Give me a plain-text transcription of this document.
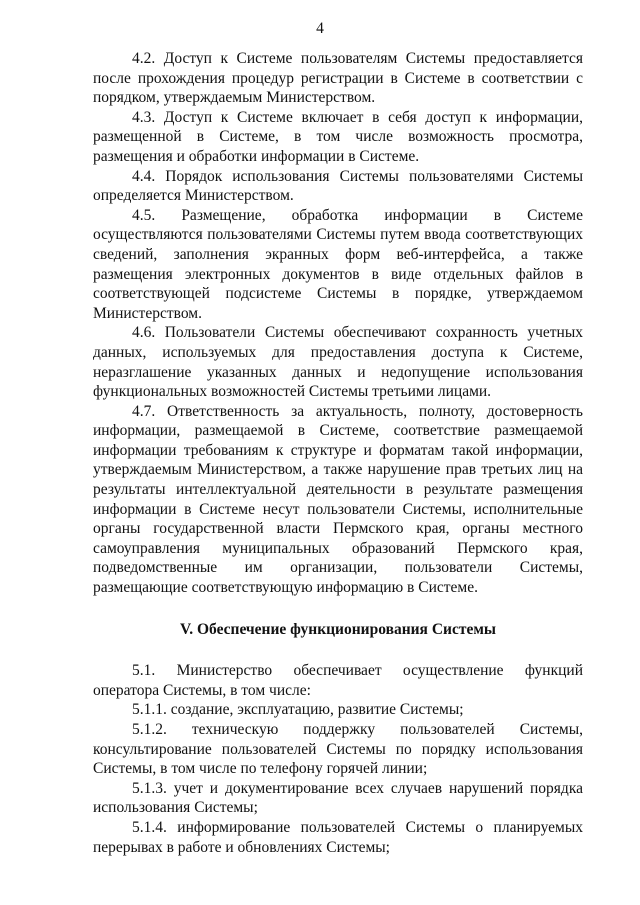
4

4.2. Доступ к Системе пользователям Системы предоставляется после прохождения процедур регистрации в Системе в соответствии с порядком, утверждаемым Министерством.

4.3. Доступ к Системе включает в себя доступ к информации, размещенной в Системе, в том числе возможность просмотра, размещения и обработки информации в Системе.

4.4. Порядок использования Системы пользователями Системы определяется Министерством.

4.5. Размещение, обработка информации в Системе осуществляются пользователями Системы путем ввода соответствующих сведений, заполнения экранных форм веб-интерфейса, а также размещения электронных документов в виде отдельных файлов в соответствующей подсистеме Системы в порядке, утверждаемом Министерством.

4.6. Пользователи Системы обеспечивают сохранность учетных данных, используемых для предоставления доступа к Системе, неразглашение указанных данных и недопущение использования функциональных возможностей Системы третьими лицами.

4.7. Ответственность за актуальность, полноту, достоверность информации, размещаемой в Системе, соответствие размещаемой информации требованиям к структуре и форматам такой информации, утверждаемым Министерством, а также нарушение прав третьих лиц на результаты интеллектуальной деятельности в результате размещения информации в Системе несут пользователи Системы, исполнительные органы государственной власти Пермского края, органы местного самоуправления муниципальных образований Пермского края, подведомственные им организации, пользователи Системы, размещающие соответствующую информацию в Системе.

V. Обеспечение функционирования Системы

5.1. Министерство обеспечивает осуществление функций оператора Системы, в том числе:

5.1.1. создание, эксплуатацию, развитие Системы;

5.1.2. техническую поддержку пользователей Системы, консультирование пользователей Системы по порядку использования Системы, в том числе по телефону горячей линии;

5.1.3. учет и документирование всех случаев нарушений порядка использования Системы;

5.1.4. информирование пользователей Системы о планируемых перерывах в работе и обновлениях Системы;
